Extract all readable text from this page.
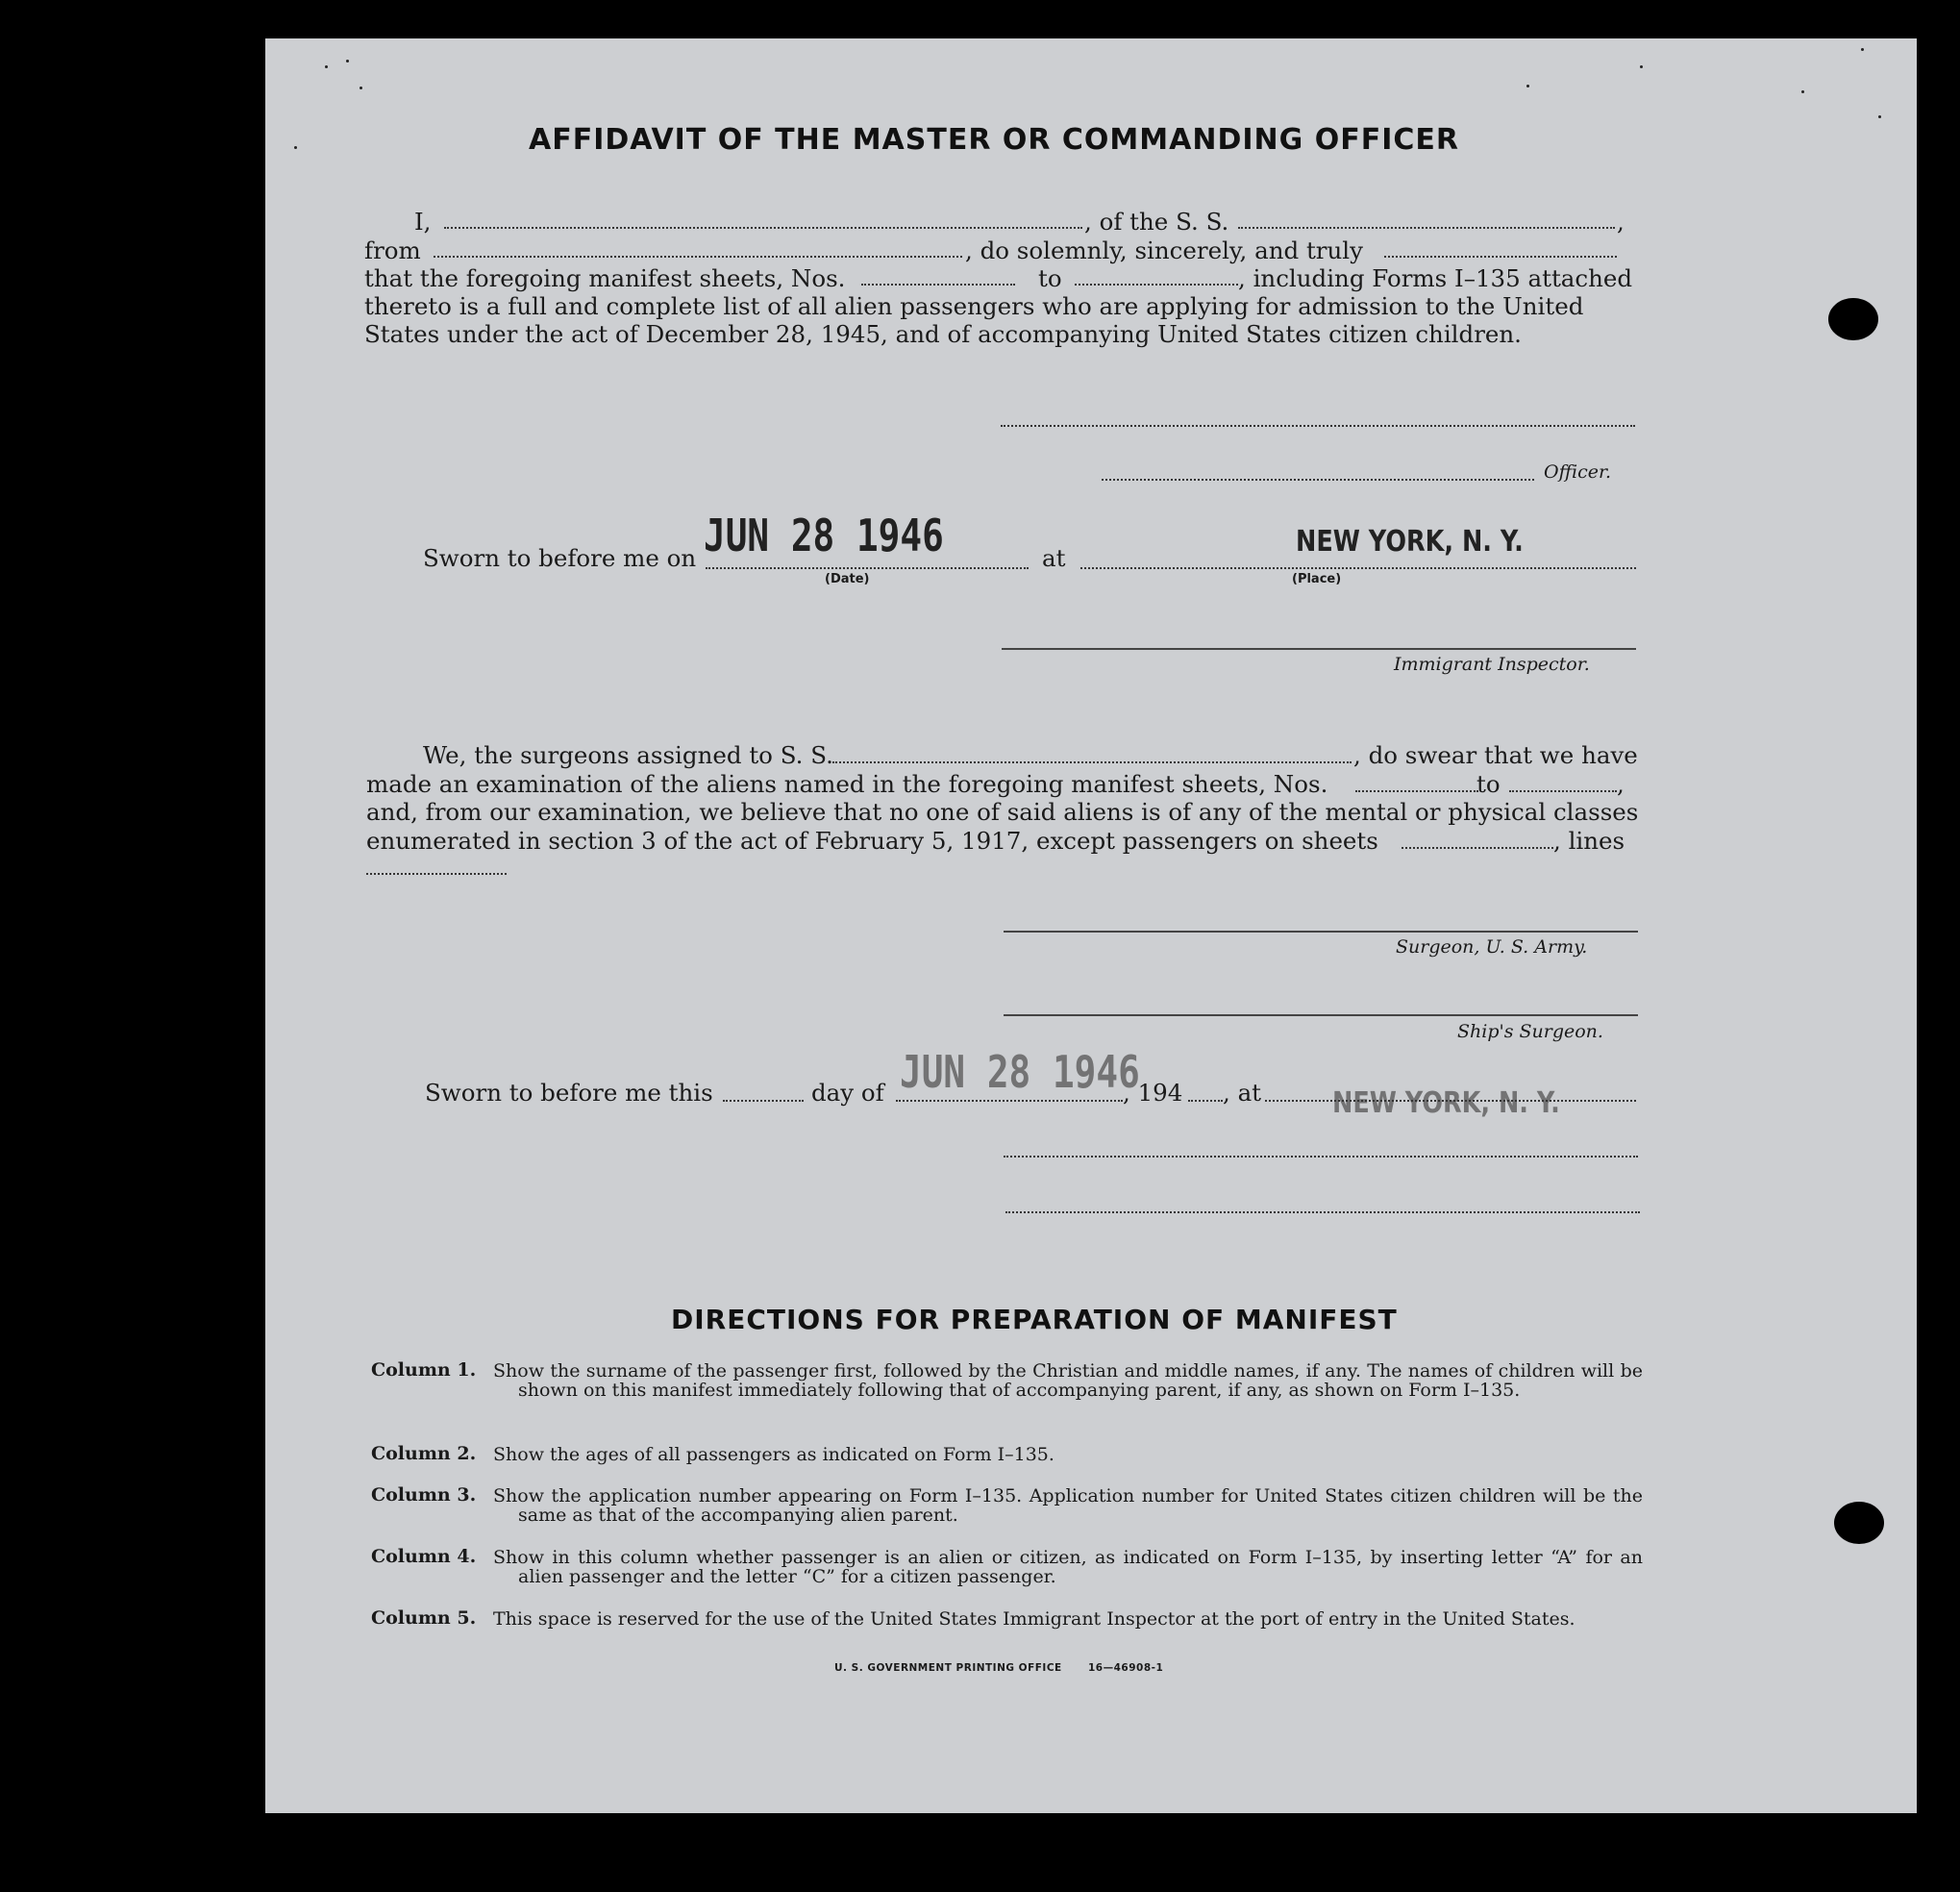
AFFIDAVIT OF THE MASTER OR COMMANDING OFFICER
I,	, of the S. S.	,
from	, do solemnly, sincerely, and truly
that the foregoing manifest sheets, Nos.	to	, including Forms I–135 attached
thereto is a full and complete list of all alien passengers who are applying for admission to the United
States under the act of December 28, 1945, and of accompanying United States citizen children.
Officer.
Sworn to before me on JUN 28 1946
(Date)
at	NEW YORK, N. Y.
(Place)
Immigrant Inspector.
We, the surgeons assigned to S. S.	, do swear that we have
made an examination of the aliens named in the foregoing manifest sheets, Nos.	to	,
and, from our examination, we believe that no one of said aliens is of any of the mental or physical classes
enumerated in section 3 of the act of February 5, 1917, except passengers on sheets	, lines
Surgeon, U. S. Army.
Ship's Surgeon.
Sworn to before me this	day of JUN 28 1946
, 194 , at NEW YORK, N. Y.
DIRECTIONS FOR PREPARATION OF MANIFEST
Column 1. Show the surname of the passenger first, followed by the Christian and middle names, if any. The names of children will be shown on this manifest immediately following that of accompanying parent, if any, as shown on Form I–135.
Column 2. Show the ages of all passengers as indicated on Form I–135.
Column 3. Show the application number appearing on Form I–135. Application number for United States citizen children will be the same as that of the accompanying alien parent.
Column 4. Show in this column whether passenger is an alien or citizen, as indicated on Form I–135, by inserting letter “A” for an alien passenger and the letter “C” for a citizen passenger.
Column 5. This space is reserved for the use of the United States Immigrant Inspector at the port of entry in the United States.
U. S. GOVERNMENT PRINTING OFFICE	16—46908-1
